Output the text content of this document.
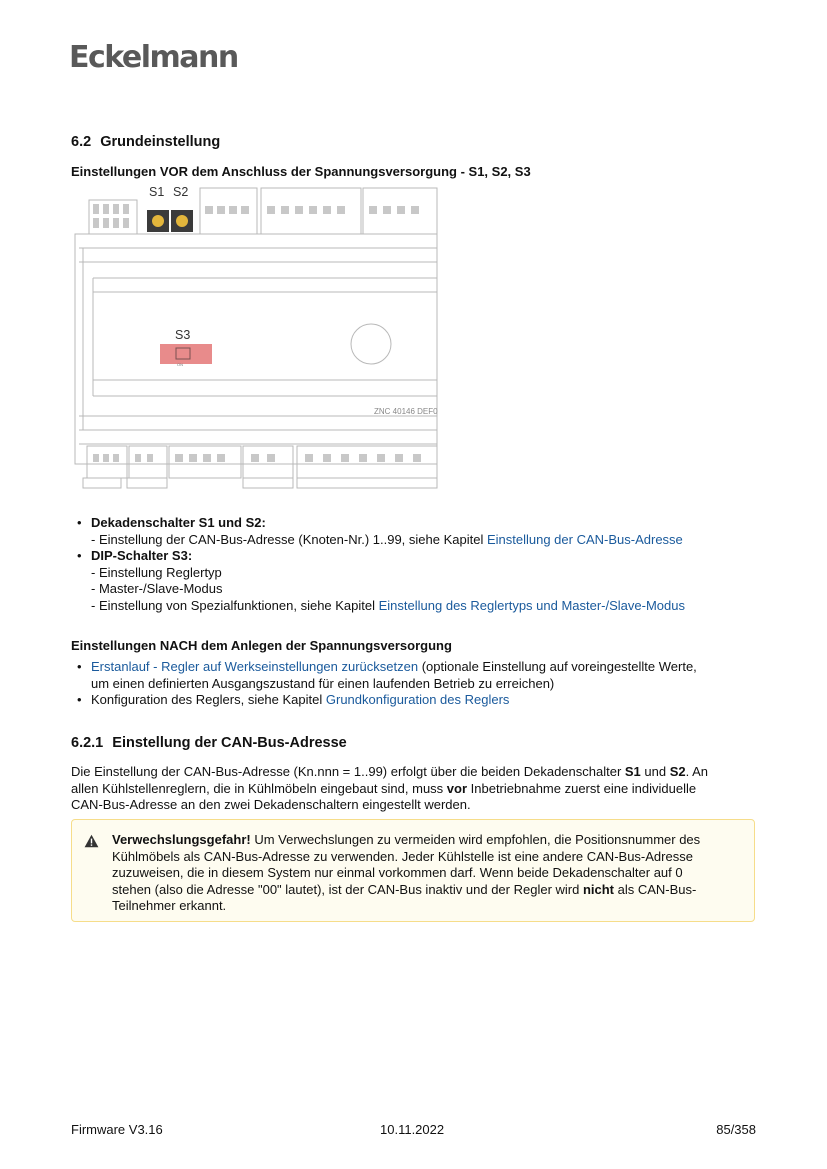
Eckelmann
6.2 Grundeinstellung
Einstellungen VOR dem Anschluss der Spannungsversorgung - S1, S2, S3
S1 S2
S3
ON
ZNC 40146 DEF0
• Dekadenschalter S1 und S2:
- Einstellung der CAN-Bus-Adresse (Knoten-Nr.) 1..99, siehe Kapitel Einstellung der CAN-Bus-Adresse
• DIP-Schalter S3:
- Einstellung Reglertyp
- Master-/Slave-Modus
- Einstellung von Spezialfunktionen, siehe Kapitel Einstellung des Reglertyps und Master-/Slave-Modus
Einstellungen NACH dem Anlegen der Spannungsversorgung
• Erstanlauf - Regler auf Werkseinstellungen zurücksetzen (optionale Einstellung auf voreingestellte Werte,
um einen definierten Ausgangszustand für einen laufenden Betrieb zu erreichen)
• Konfiguration des Reglers, siehe Kapitel Grundkonfiguration des Reglers
6.2.1 Einstellung der CAN-Bus-Adresse
Die Einstellung der CAN-Bus-Adresse (Kn.nnn = 1..99) erfolgt über die beiden Dekadenschalter S1 und S2. An
allen Kühlstellenreglern, die in Kühlmöbeln eingebaut sind, muss vor Inbetriebnahme zuerst eine individuelle
CAN-Bus-Adresse an den zwei Dekadenschaltern eingestellt werden.
Verwechslungsgefahr! Um Verwechslungen zu vermeiden wird empfohlen, die Positionsnummer des
Kühlmöbels als CAN-Bus-Adresse zu verwenden. Jeder Kühlstelle ist eine andere CAN-Bus-Adresse
zuzuweisen, die in diesem System nur einmal vorkommen darf. Wenn beide Dekadenschalter auf 0
stehen (also die Adresse "00" lautet), ist der CAN-Bus inaktiv und der Regler wird nicht als CAN-Bus-
Teilnehmer erkannt.
Firmware V3.16	10.11.2022	85/358
